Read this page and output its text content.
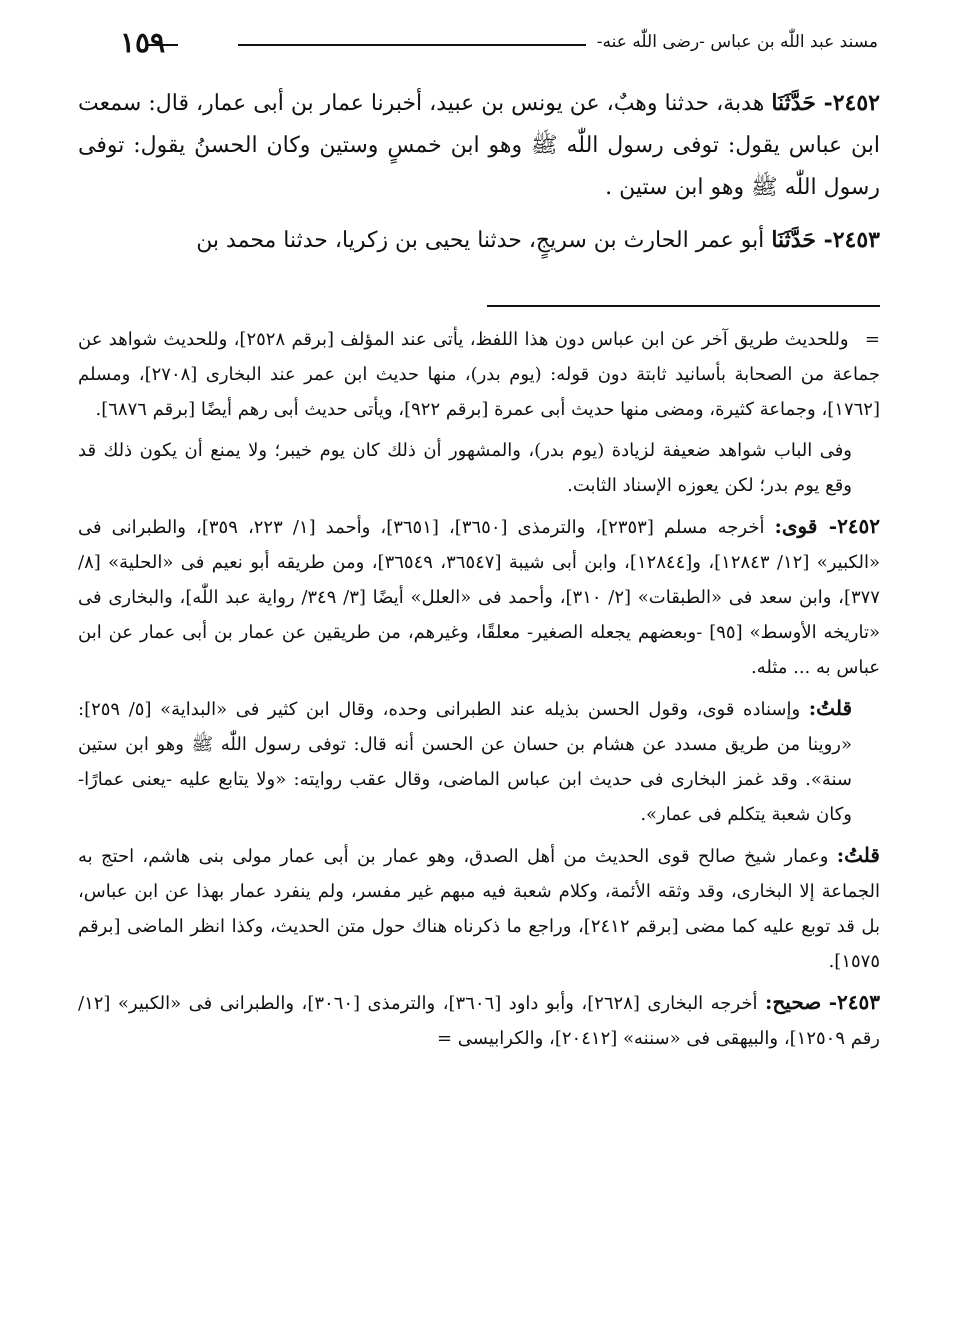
مسند عبد اللّٰه بن عباس -رضى اللّٰه عنه-
١٥٩

٢٤٥٢- حَدَّثَنَا هدبة، حدثنا وهبٌ، عن يونس بن عبيد، أخبرنا عمار بن أبى عمار، قال: سمعت ابن عباس يقول: توفى رسول اللّٰه ﷺ وهو ابن خمسٍ وستين وكان الحسنُ يقول: توفى رسول اللّٰه ﷺ وهو ابن ستين .

٢٤٥٣- حَدَّثَنَا أبو عمر الحارث بن سريجٍ، حدثنا يحيى بن زكريا، حدثنا محمد بن

= وللحديث طريق آخر عن ابن عباس دون هذا اللفظ، يأتى عند المؤلف [برقم ٢٥٢٨]، وللحديث شواهد عن جماعة من الصحابة بأسانيد ثابتة دون قوله: (يوم بدر)، منها حديث ابن عمر عند البخارى [٢٧٠٨]، ومسلم [١٧٦٢]، وجماعة كثيرة، ومضى منها حديث أبى عمرة [برقم ٩٢٢]، ويأتى حديث أبى رهم أيضًا [برقم ٦٨٧٦].

وفى الباب شواهد ضعيفة لزيادة (يوم بدر)، والمشهور أن ذلك كان يوم خيبر؛ ولا يمنع أن يكون ذلك قد وقع يوم بدر؛ لكن يعوزه الإسناد الثابت.

٢٤٥٢- قوى: أخرجه مسلم [٢٣٥٣]، والترمذى [٣٦٥٠]، [٣٦٥١]، وأحمد [١/ ٢٢٣، ٣٥٩]، والطبرانى فى «الكبير» [١٢/ ١٢٨٤٣]، و[١٢٨٤٤]، وابن أبى شيبة [٣٦٥٤٧، ٣٦٥٤٩]، ومن طريقه أبو نعيم فى «الحلية» [٨/ ٣٧٧]، وابن سعد فى «الطبقات» [٢/ ٣١٠]، وأحمد فى «العلل» أيضًا [٣/ ٣٤٩/ رواية عبد اللّٰه]، والبخارى فى «تاريخه الأوسط» [٩٥] -وبعضهم يجعله الصغير- معلقًا، وغيرهم، من طريقين عن عمار بن أبى عمار عن ابن عباس به ... مثله.

قلتُ: وإسناده قوى، وقول الحسن بذيله عند الطبرانى وحده، وقال ابن كثير فى «البداية» [٥/ ٢٥٩]: «روينا من طريق مسدد عن هشام بن حسان عن الحسن أنه قال: توفى رسول اللّٰه ﷺ وهو ابن ستين سنة». وقد غمز البخارى فى حديث ابن عباس الماضى، وقال عقب روايته: «ولا يتابع عليه -يعنى عمارًا- وكان شعبة يتكلم فى عمار».

قلتُ: وعمار شيخ صالح قوى الحديث من أهل الصدق، وهو عمار بن أبى عمار مولى بنى هاشم، احتج به الجماعة إلا البخارى، وقد وثقه الأئمة، وكلام شعبة فيه مبهم غير مفسر، ولم ينفرد عمار بهذا عن ابن عباس، بل قد توبع عليه كما مضى [برقم ٢٤١٢]، وراجع ما ذكرناه هناك حول متن الحديث، وكذا انظر الماضى [برقم ١٥٧٥].

٢٤٥٣- صحيح: أخرجه البخارى [٢٦٢٨]، وأبو داود [٣٦٠٦]، والترمذى [٣٠٦٠]، والطبرانى فى «الكبير» [١٢/ رقم ١٢٥٠٩]، والبيهقى فى «سننه» [٢٠٤١٢]، والكرابيسى =
